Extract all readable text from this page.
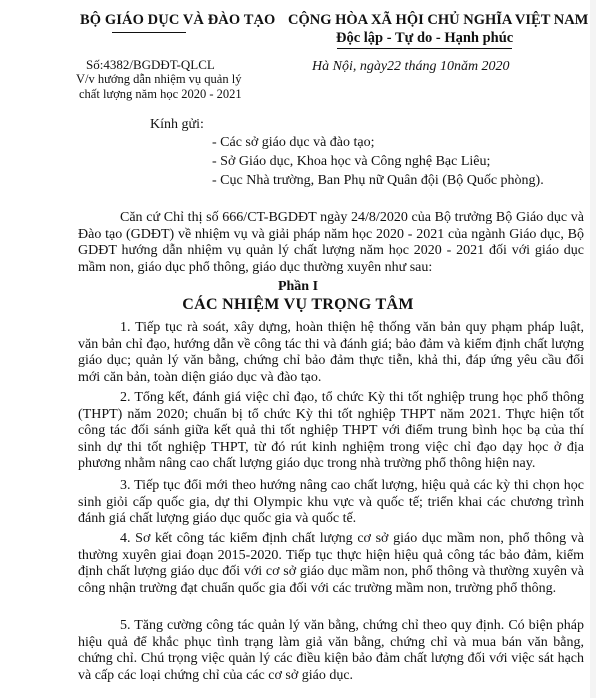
BỘ GIÁO DỤC VÀ ĐÀO TẠO CỘNG HÒA XÃ HỘI CHỦ NGHĨA VIỆT NAM
Độc lập - Tự do - Hạnh phúc
Số:4382/BGDĐT-QLCL
V/v hướng dẫn nhiệm vụ quản lý
chất lượng năm học 2020 - 2021
Hà Nội, ngày22 tháng 10năm 2020
Kính gửi:
- Các sở giáo dục và đào tạo;
- Sở Giáo dục, Khoa học và Công nghệ Bạc Liêu;
- Cục Nhà trường, Ban Phụ nữ Quân đội (Bộ Quốc phòng).
Căn cứ Chỉ thị số 666/CT-BGDĐT ngày 24/8/2020 của Bộ trưởng Bộ Giáo dục và Đào tạo (GDĐT) về nhiệm vụ và giải pháp năm học 2020 - 2021 của ngành Giáo dục, Bộ GDĐT hướng dẫn nhiệm vụ quản lý chất lượng năm học 2020 - 2021 đối với giáo dục mầm non, giáo dục phổ thông, giáo dục thường xuyên như sau:
Phần I
CÁC NHIỆM VỤ TRỌNG TÂM
1. Tiếp tục rà soát, xây dựng, hoàn thiện hệ thống văn bản quy phạm pháp luật, văn bản chỉ đạo, hướng dẫn về công tác thi và đánh giá; bảo đảm và kiểm định chất lượng giáo dục; quản lý văn bằng, chứng chỉ bảo đảm thực tiễn, khả thi, đáp ứng yêu cầu đổi mới căn bản, toàn diện giáo dục và đào tạo.
2. Tổng kết, đánh giá việc chỉ đạo, tổ chức Kỳ thi tốt nghiệp trung học phổ thông (THPT) năm 2020; chuẩn bị tổ chức Kỳ thi tốt nghiệp THPT năm 2021. Thực hiện tốt công tác đối sánh giữa kết quả thi tốt nghiệp THPT với điểm trung bình học bạ của thí sinh dự thi tốt nghiệp THPT, từ đó rút kinh nghiệm trong việc chỉ đạo dạy học ở địa phương nhằm nâng cao chất lượng giáo dục trong nhà trường phổ thông hiện nay.
3. Tiếp tục đổi mới theo hướng nâng cao chất lượng, hiệu quả các kỳ thi chọn học sinh giỏi cấp quốc gia, dự thi Olympic khu vực và quốc tế; triển khai các chương trình đánh giá chất lượng giáo dục quốc gia và quốc tế.
4. Sơ kết công tác kiểm định chất lượng cơ sở giáo dục mầm non, phổ thông và thường xuyên giai đoạn 2015-2020. Tiếp tục thực hiện hiệu quả công tác bảo đảm, kiểm định chất lượng giáo dục đối với cơ sở giáo dục mầm non, phổ thông và thường xuyên và công nhận trường đạt chuẩn quốc gia đối với các trường mầm non, trường phổ thông.
5. Tăng cường công tác quản lý văn bằng, chứng chỉ theo quy định. Có biện pháp hiệu quả để khắc phục tình trạng làm giả văn bằng, chứng chỉ và mua bán văn bằng, chứng chỉ. Chú trọng việc quản lý các điều kiện bảo đảm chất lượng đối với việc sát hạch và cấp các loại chứng chỉ của các cơ sở giáo dục.
